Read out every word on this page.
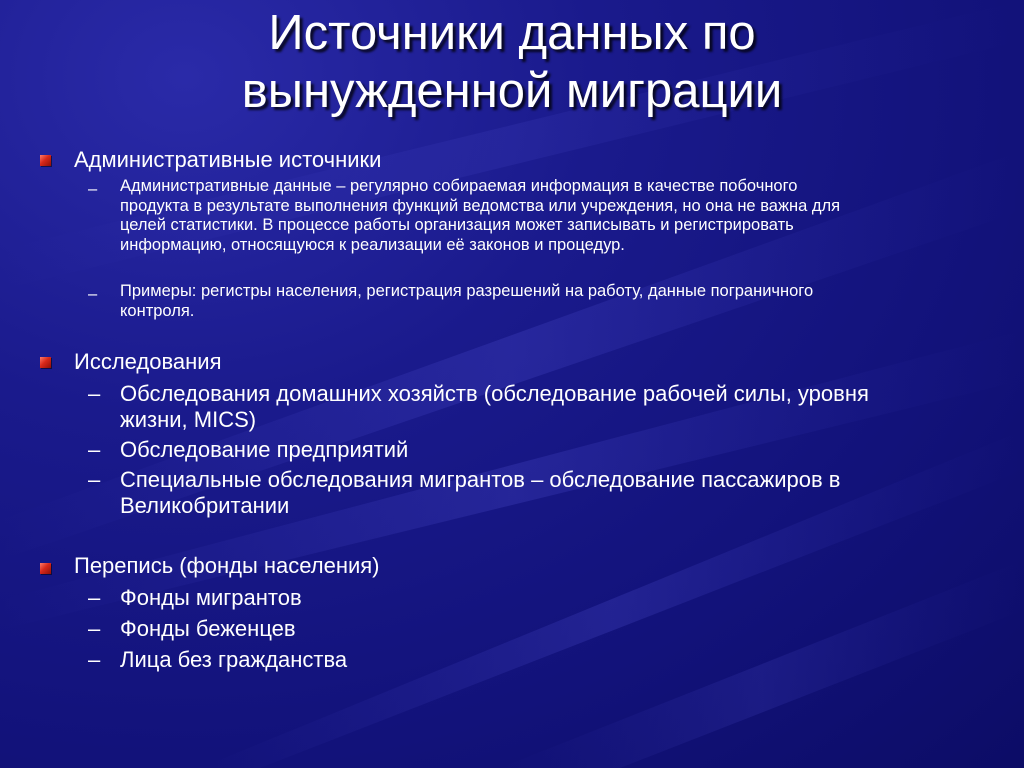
Источники данных по
вынужденной миграции
Административные источники
– Административные данные – регулярно собираемая информация в качестве побочного
продукта в результате выполнения функций ведомства или учреждения, но она не важна для
целей статистики. В процессе работы организация может записывать и регистрировать
информацию, относящуюся к реализации её законов и процедур.
– Примеры: регистры населения, регистрация разрешений на работу, данные пограничного
контроля.
Исследования
– Обследования домашних хозяйств (обследование рабочей силы, уровня
жизни, MICS)
– Обследование предприятий
– Специальные обследования мигрантов – обследование пассажиров в
Великобритании
Перепись (фонды населения)
– Фонды мигрантов
– Фонды беженцев
– Лица без гражданства
